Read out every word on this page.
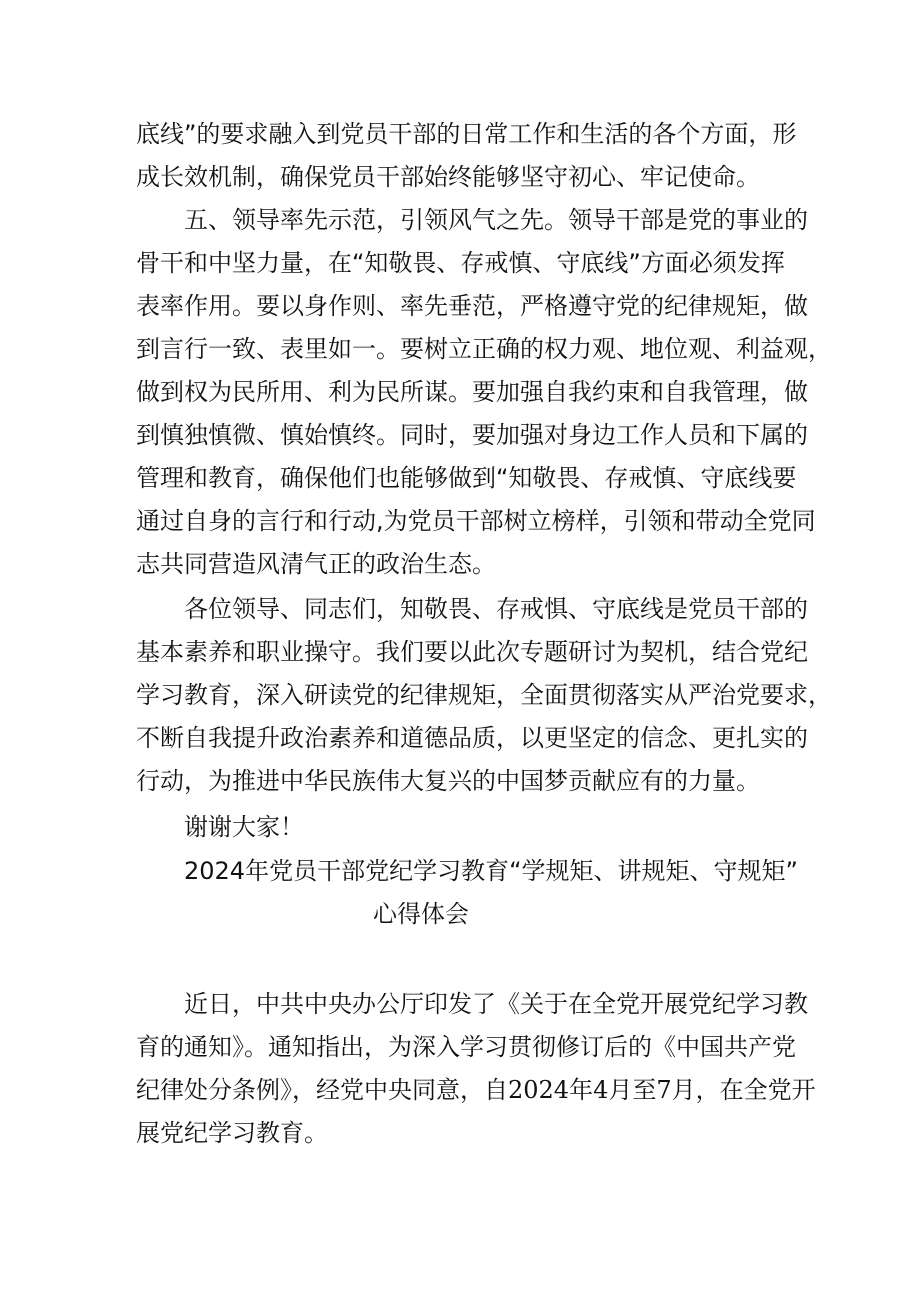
底线”的要求融入到党员干部的日常工作和生活的各个方面，形
成长效机制，确保党员干部始终能够坚守初心、牢记使命。
五、领导率先示范，引领风气之先。领导干部是党的事业的
骨干和中坚力量，在“知敬畏、存戒慎、守底线”方面必须发挥
表率作用。要以身作则、率先垂范，严格遵守党的纪律规矩，做
到言行一致、表里如一。要树立正确的权力观、地位观、利益观，
做到权为民所用、利为民所谋。要加强自我约束和自我管理，做
到慎独慎微、慎始慎终。同时，要加强对身边工作人员和下属的
管理和教育，确保他们也能够做到“知敬畏、存戒慎、守底线要
通过自身的言行和行动,为党员干部树立榜样，引领和带动全党同
志共同营造风清气正的政治生态。
各位领导、同志们，知敬畏、存戒惧、守底线是党员干部的
基本素养和职业操守。我们要以此次专题研讨为契机，结合党纪
学习教育，深入研读党的纪律规矩，全面贯彻落实从严治党要求，
不断自我提升政治素养和道德品质，以更坚定的信念、更扎实的
行动，为推进中华民族伟大复兴的中国梦贡献应有的力量。
谢谢大家！
2024年党员干部党纪学习教育“学规矩、讲规矩、守规矩”
心得体会
近日，中共中央办公厅印发了《关于在全党开展党纪学习教
育的通知》。通知指出，为深入学习贯彻修订后的《中国共产党
纪律处分条例》，经党中央同意，自2024年4月至7月，在全党开
展党纪学习教育。
